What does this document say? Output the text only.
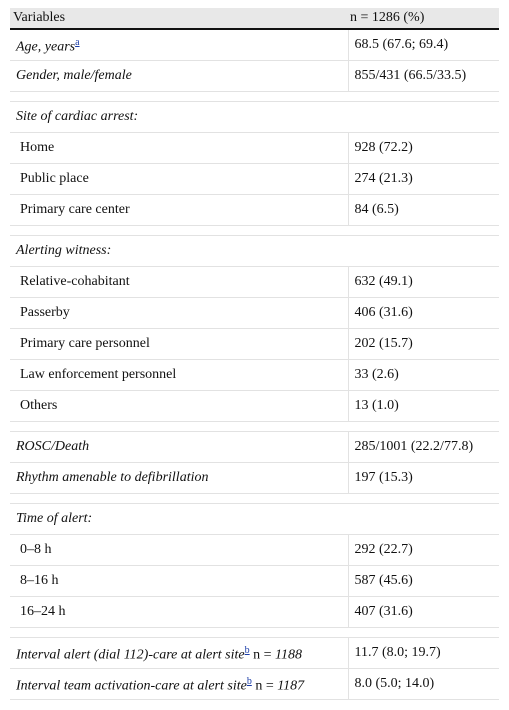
Variables	n = 1286 (%)
Age, years$^a$	68.5 (67.6; 69.4)
Gender, male/female	855/431 (66.5/33.5)

Site of cardiac arrest:	
Home	928 (72.2)
Public place	274 (21.3)
Primary care center	84 (6.5)

Alerting witness:	
Relative-cohabitant	632 (49.1)
Passerby	406 (31.6)
Primary care personnel	202 (15.7)
Law enforcement personnel	33 (2.6)
Others	13 (1.0)

ROSC/Death	285/1001 (22.2/77.8)
Rhythm amenable to defibrillation	197 (15.3)

Time of alert:	
0–8 h	292 (22.7)
8–16 h	587 (45.6)
16–24 h	407 (31.6)

Interval alert (dial 112)-care at alert site$^b$ n = 1188	11.7 (8.0; 19.7)
Interval team activation-care at alert site$^b$ n = 1187	8.0 (5.0; 14.0)
